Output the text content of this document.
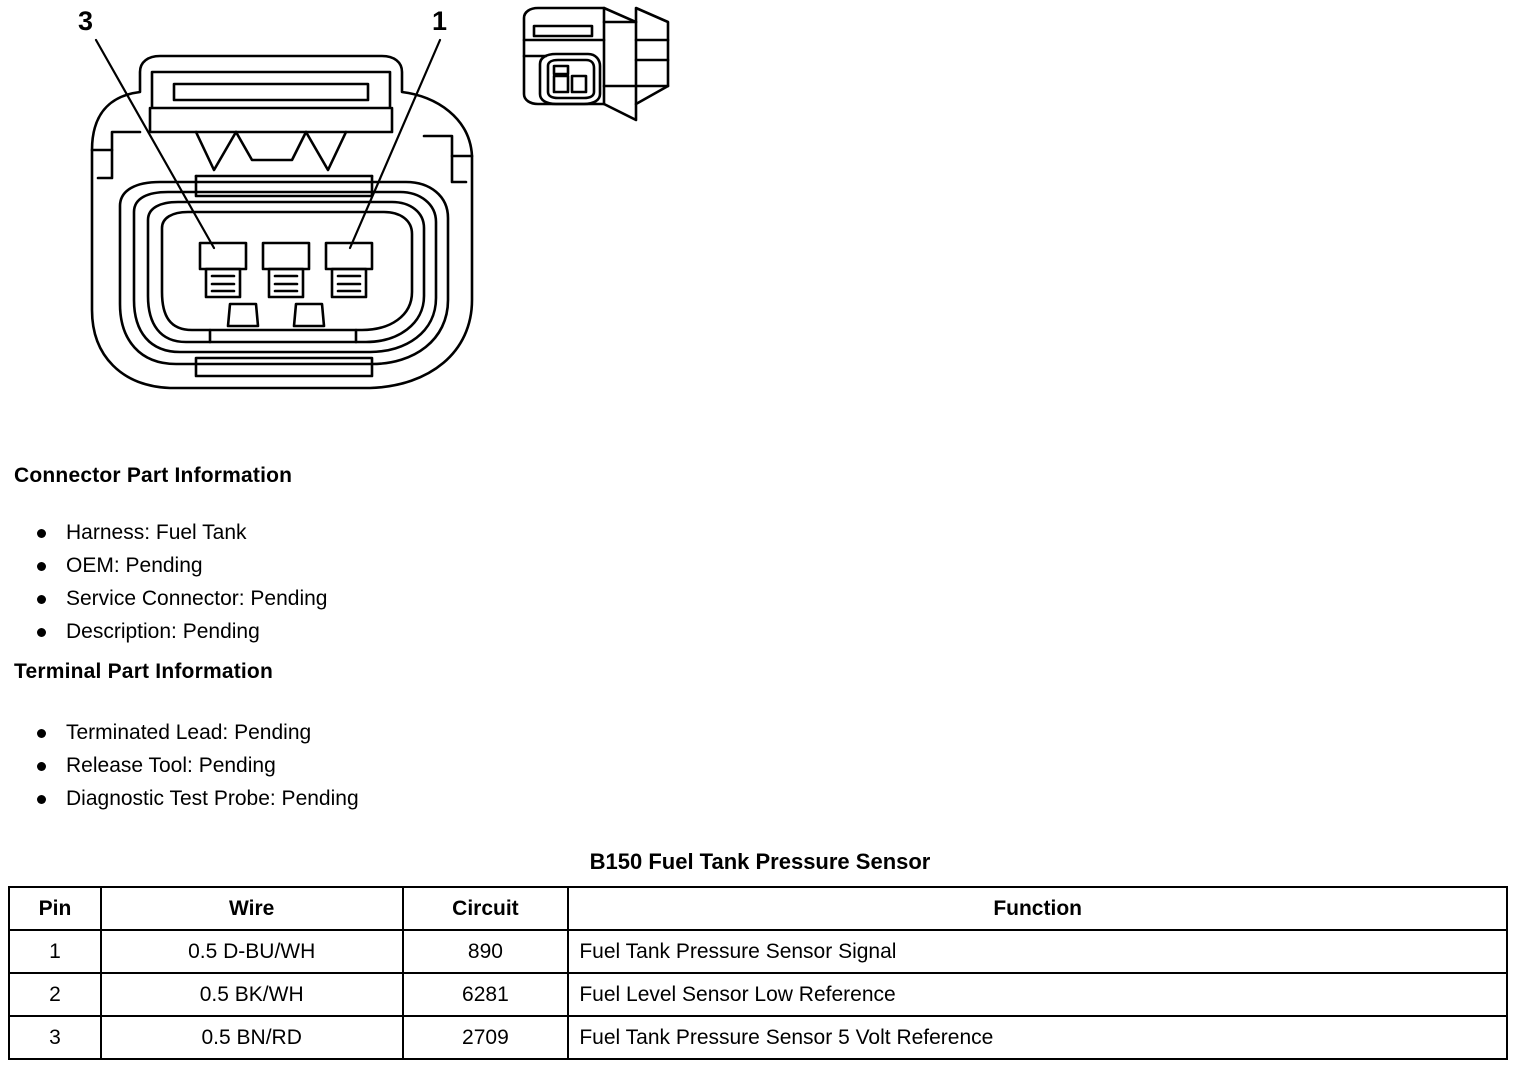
3	1
Connector Part Information
Harness: Fuel Tank
OEM: Pending
Service Connector: Pending
Description: Pending
Terminal Part Information
Terminated Lead: Pending
Release Tool: Pending
Diagnostic Test Probe: Pending
B150 Fuel Tank Pressure Sensor
Pin	Wire	Circuit	Function
1	0.5 D-BU/WH	890	Fuel Tank Pressure Sensor Signal
2	0.5 BK/WH	6281	Fuel Level Sensor Low Reference
3	0.5 BN/RD	2709	Fuel Tank Pressure Sensor 5 Volt Reference
